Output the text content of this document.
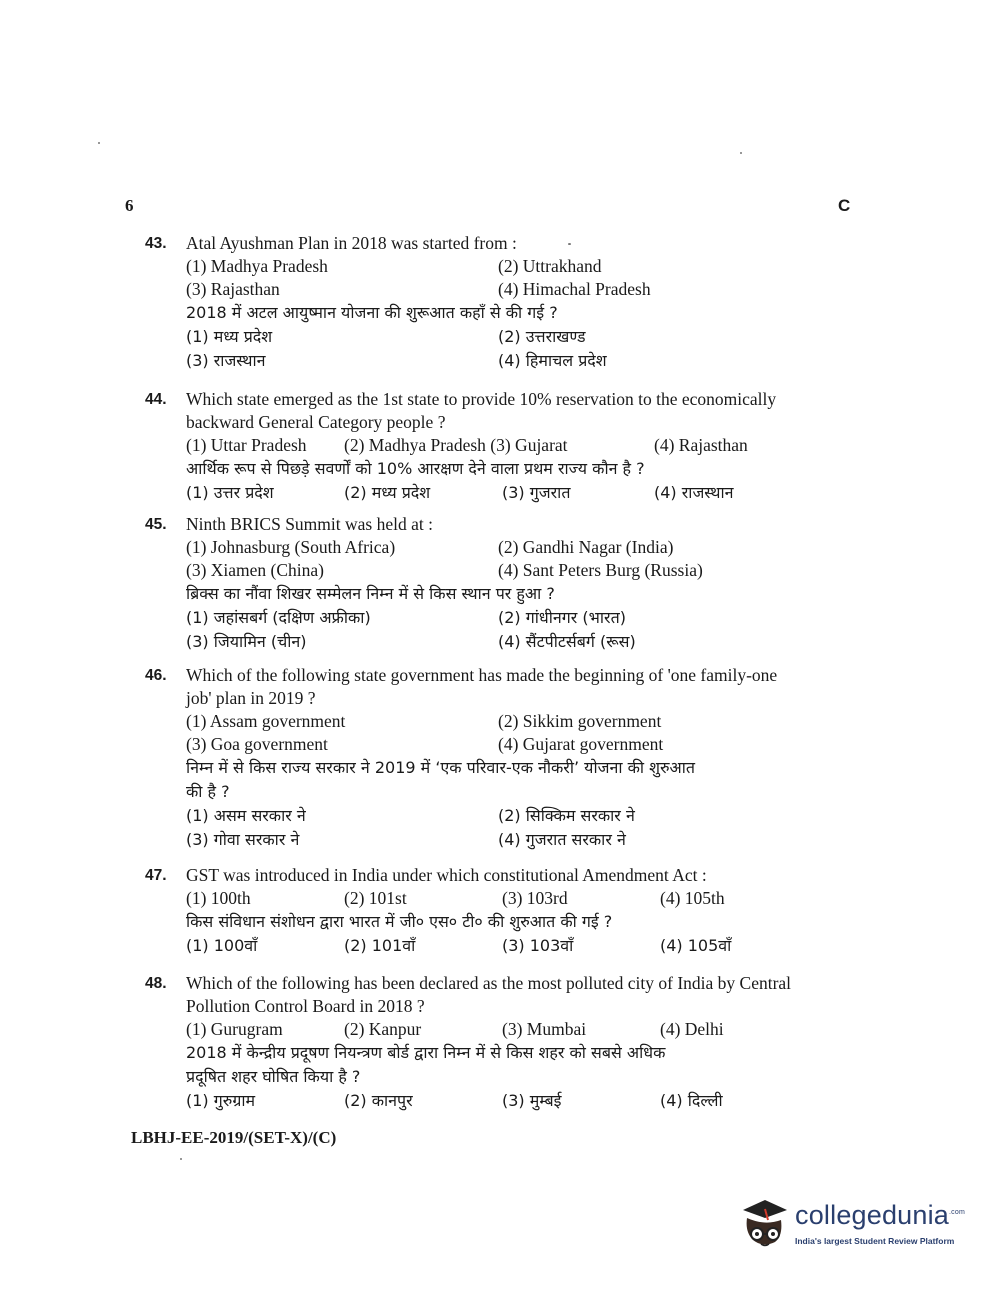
6	C
43. Atal Ayushman Plan in 2018 was started from :
(1) Madhya Pradesh	(2) Uttrakhand
(3) Rajasthan	(4) Himachal Pradesh
2018 में अटल आयुष्मान योजना की शुरूआत कहाँ से की गई ?
(1) मध्य प्रदेश	(2) उत्तराखण्ड
(3) राजस्थान	(4) हिमाचल प्रदेश
44. Which state emerged as the 1st state to provide 10% reservation to the economically
backward General Category people ?
(1) Uttar Pradesh	(2) Madhya Pradesh (3) Gujarat	(4) Rajasthan
आर्थिक रूप से पिछड़े सवर्णों को 10% आरक्षण देने वाला प्रथम राज्य कौन है ?
(1) उत्तर प्रदेश	(2) मध्य प्रदेश	(3) गुजरात	(4) राजस्थान
45. Ninth BRICS Summit was held at :
(1) Johnasburg (South Africa)	(2) Gandhi Nagar (India)
(3) Xiamen (China)	(4) Sant Peters Burg (Russia)
ब्रिक्स का नौंवा शिखर सम्मेलन निम्न में से किस स्थान पर हुआ ?
(1) जहांसबर्ग (दक्षिण अफ्रीका)	(2) गांधीनगर (भारत)
(3) जियामिन (चीन)	(4) सैंटपीटर्सबर्ग (रूस)
46. Which of the following state government has made the beginning of 'one family-one
job' plan in 2019 ?
(1) Assam government	(2) Sikkim government
(3) Goa government	(4) Gujarat government
निम्न में से किस राज्य सरकार ने 2019 में ‘एक परिवार-एक नौकरी’ योजना की शुरुआत
की है ?
(1) असम सरकार ने	(2) सिक्किम सरकार ने
(3) गोवा सरकार ने	(4) गुजरात सरकार ने
47. GST was introduced in India under which constitutional Amendment Act :
(1) 100th	(2) 101st	(3) 103rd	(4) 105th
किस संविधान संशोधन द्वारा भारत में जी० एस० टी० की शुरुआत की गई ?
(1) 100वाँ	(2) 101वाँ	(3) 103वाँ	(4) 105वाँ
48. Which of the following has been declared as the most polluted city of India by Central
Pollution Control Board in 2018 ?
(1) Gurugram	(2) Kanpur	(3) Mumbai	(4) Delhi
2018 में केन्द्रीय प्रदूषण नियन्त्रण बोर्ड द्वारा निम्न में से किस शहर को सबसे अधिक
प्रदूषित शहर घोषित किया है ?
(1) गुरुग्राम	(2) कानपुर	(3) मुम्बई	(4) दिल्ली
LBHJ-EE-2019/(SET-X)/(C)
collegedunia$^{.com}$
India's largest Student Review Platform
